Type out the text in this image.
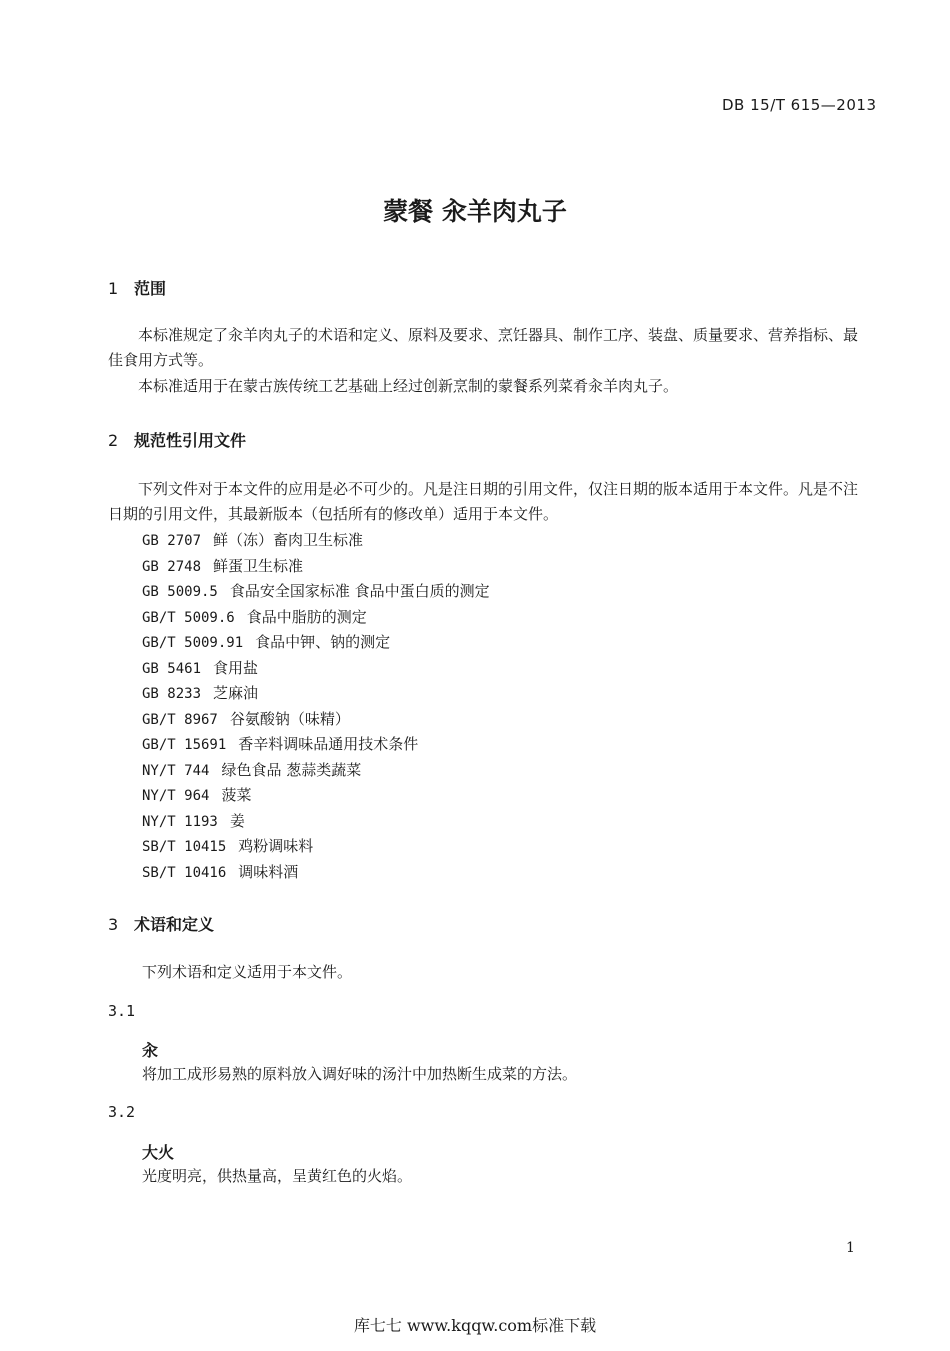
DB 15/T 615—2013
蒙餐 汆羊肉丸子
1 范围
本标准规定了汆羊肉丸子的术语和定义、原料及要求、烹饪器具、制作工序、装盘、质量要求、营养指标、最佳食用方式等。
本标准适用于在蒙古族传统工艺基础上经过创新烹制的蒙餐系列菜肴汆羊肉丸子。
2 规范性引用文件
下列文件对于本文件的应用是必不可少的。凡是注日期的引用文件，仅注日期的版本适用于本文件。凡是不注日期的引用文件，其最新版本（包括所有的修改单）适用于本文件。
GB 2707 鲜（冻）畜肉卫生标准
GB 2748 鲜蛋卫生标准
GB 5009.5 食品安全国家标准 食品中蛋白质的测定
GB/T 5009.6 食品中脂肪的测定
GB/T 5009.91 食品中钾、钠的测定
GB 5461 食用盐
GB 8233 芝麻油
GB/T 8967 谷氨酸钠（味精）
GB/T 15691 香辛料调味品通用技术条件
NY/T 744 绿色食品 葱蒜类蔬菜
NY/T 964 菠菜
NY/T 1193 姜
SB/T 10415 鸡粉调味料
SB/T 10416 调味料酒
3 术语和定义
下列术语和定义适用于本文件。
3.1
汆
将加工成形易熟的原料放入调好味的汤汁中加热断生成菜的方法。
3.2
大火
光度明亮，供热量高，呈黄红色的火焰。
1
库七七 www.kqqw.com标准下载
